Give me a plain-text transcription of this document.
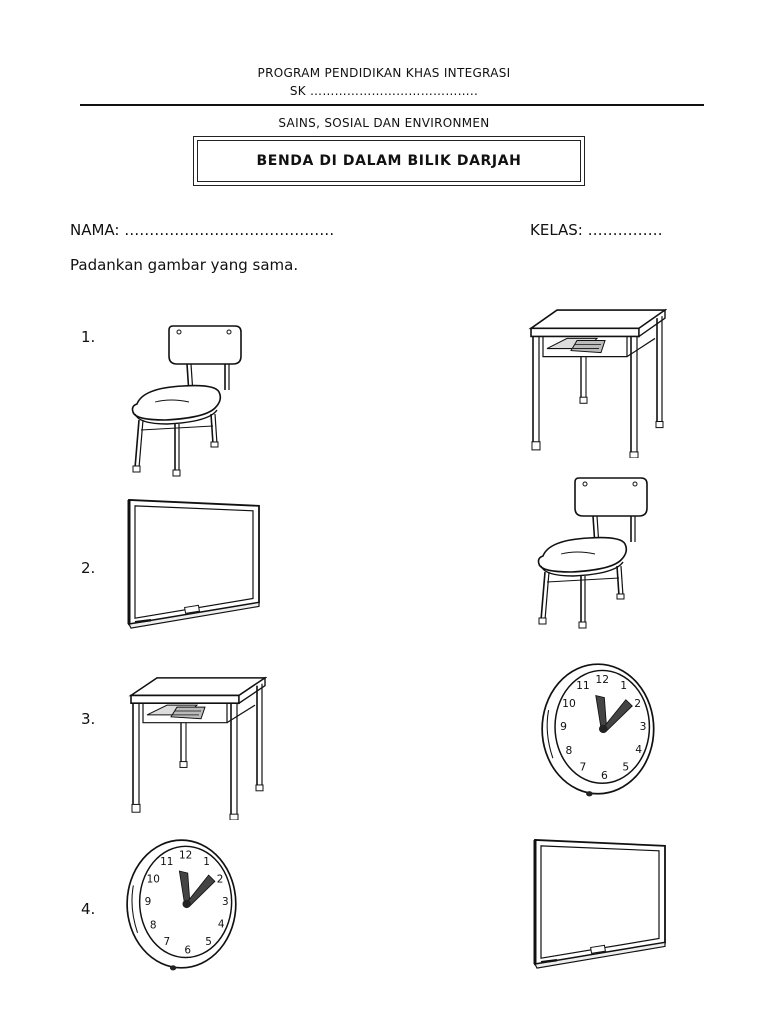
PROGRAM PENDIDIKAN KHAS INTEGRASI
SK …………………………………..
SAINS, SOSIAL DAN ENVIRONMEN
BENDA DI DALAM BILIK DARJAH
NAMA: ……………………………………	KELAS: ……………
Padankan gambar yang sama.
1.
2.
3.
4.
